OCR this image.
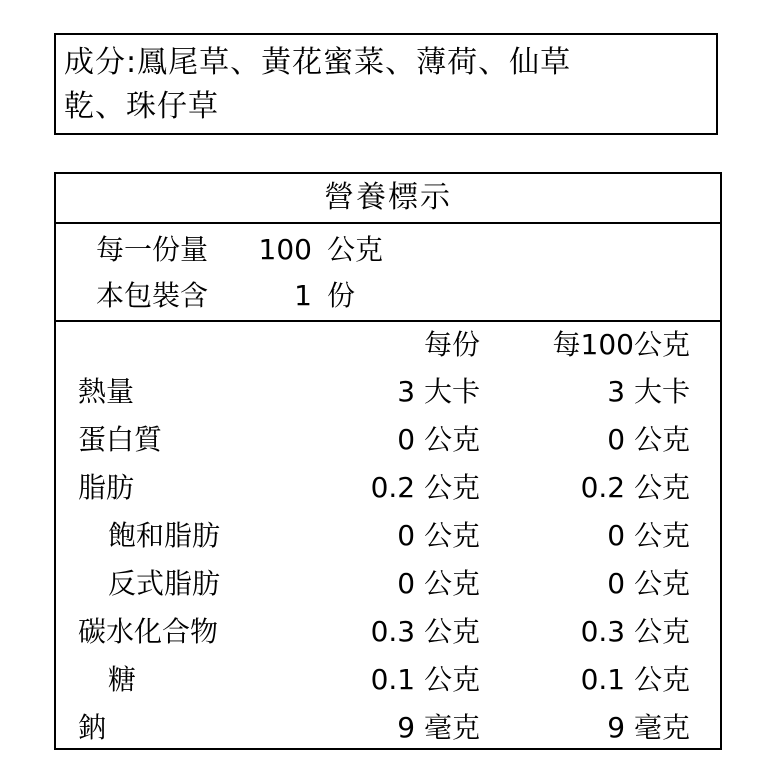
成分:鳳尾草、黃花蜜菜、薄荷、仙草
乾、珠仔草
營養標示
每一份量 100 公克
本包裝含	1 份
每份	每100公克
熱量	3 大卡	3 大卡
蛋白質	0 公克	0 公克
脂肪	0.2 公克	0.2 公克
飽和脂肪	0 公克	0 公克
反式脂肪	0 公克	0 公克
碳水化合物	0.3 公克	0.3 公克
糖	0.1 公克	0.1 公克
鈉	9 毫克	9 毫克
